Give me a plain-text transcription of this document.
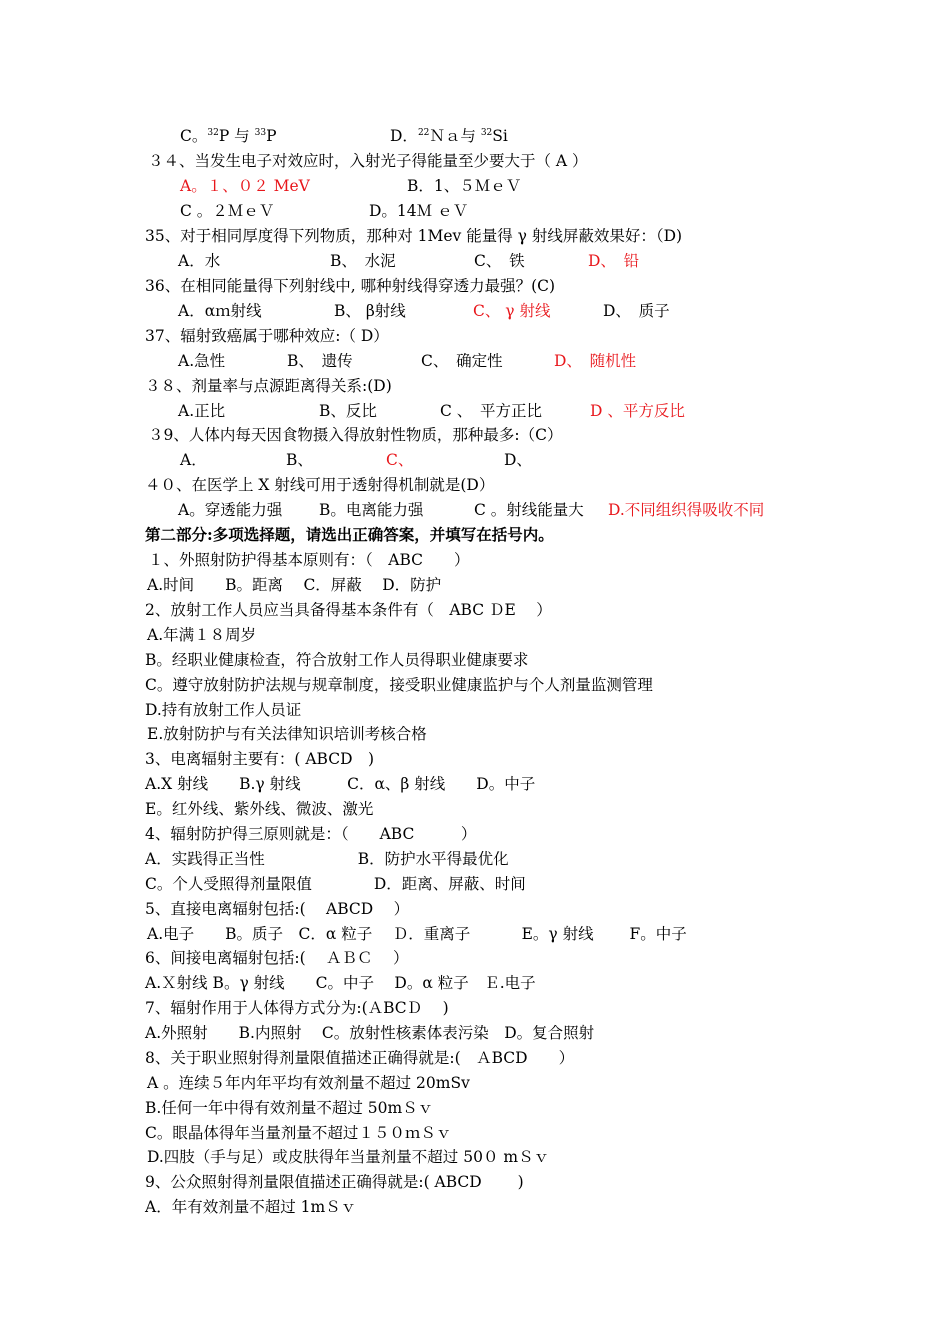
C。$^{32}$P 与 $^{33}$P	D．$^{22}$Ｎａ与 $^{32}$Si
３４、当发生电子对效应时，入射光子得能量至少要大于（ A ）
A。１、０２ MeV	B．1、５ＭｅＶ
C 。２ＭｅＶ	D。14Ｍ ｅＶ
35、对于相同厚度得下列物质，那种对 1Mev 能量得 γ 射线屏蔽效果好：（D)
A．水	B、　水泥	C、　铁	D、　铅
36、在相同能量得下列射线中, 哪种射线得穿透力最强？(C)
A．αｍ射线	B、 β射线	C、 γ 射线	D、　质子
37、辐射致癌属于哪种效应:（ D）
A.急性	B、　遗传	C、　确定性	D、　随机性
３８、剂量率与点源距离得关系:(D)
A.正比	B、反比	C 、　平方正比	D 、平方反比
３9、人体内每天因食物摄入得放射性物质，那种最多:（C）
A．	B、	C、	D、
４０、在医学上 X 射线可用于透射得机制就是(D）
A。穿透能力强 B。电离能力强	C 。射线能量大 D.不同组织得吸收不同
第二部分:多项选择题，请选出正确答案，并填写在括号内。
１、外照射防护得基本原则有：（　ABC　　）
A.时间　　B。距离　 C．屏蔽　 D．防护
2、放射工作人员应当具备得基本条件有（　ABC ＤE　 ）
A.年满１８周岁
B。经职业健康检查，符合放射工作人员得职业健康要求
C。遵守放射防护法规与规章制度，接受职业健康监护与个人剂量监测管理
D.持有放射工作人员证
E.放射防护与有关法律知识培训考核合格
3、电离辐射主要有：( ABCD　)
A.X 射线　　B.γ 射线　　　C．α、β 射线　　D。中子
E。红外线、紫外线、微波、激光
4、辐射防护得三原则就是：（　　ABC　　　）
A．实践得正当性　　　　　　B．防护水平得最优化
C。个人受照得剂量限值　　　　D．距离、屏蔽、时间
5、直接电离辐射包括:(　 ABCD　 ）
A.电子　　B。质子　C．α 粒子　 Ｄ．重离子　　　 E。γ 射线　　 F。中子
6、间接电离辐射包括:(　 ＡＢＣ　 ）
A.Ｘ射线 B。γ 射线　　C。中子　 D。α 粒子　Ｅ.电子
7、辐射作用于人体得方式分为:(ＡBCＤ　 )
A.外照射　　B.内照射　 C。放射性核素体表污染　D。复合照射
8、关于职业照射得剂量限值描述正确得就是:(　ＡBCD　　）
A 。连续５年内年平均有效剂量不超过 20mSv
B.任何一年中得有效剂量不超过 50mＳｖ
C。眼晶体得年当量剂量不超过１５０ｍＳｖ
D.四肢（手与足）或皮肤得年当量剂量不超过 50０ mＳｖ
9、公众照射得剂量限值描述正确得就是:( ABCD　　 )
A．年有效剂量不超过 1mＳｖ
